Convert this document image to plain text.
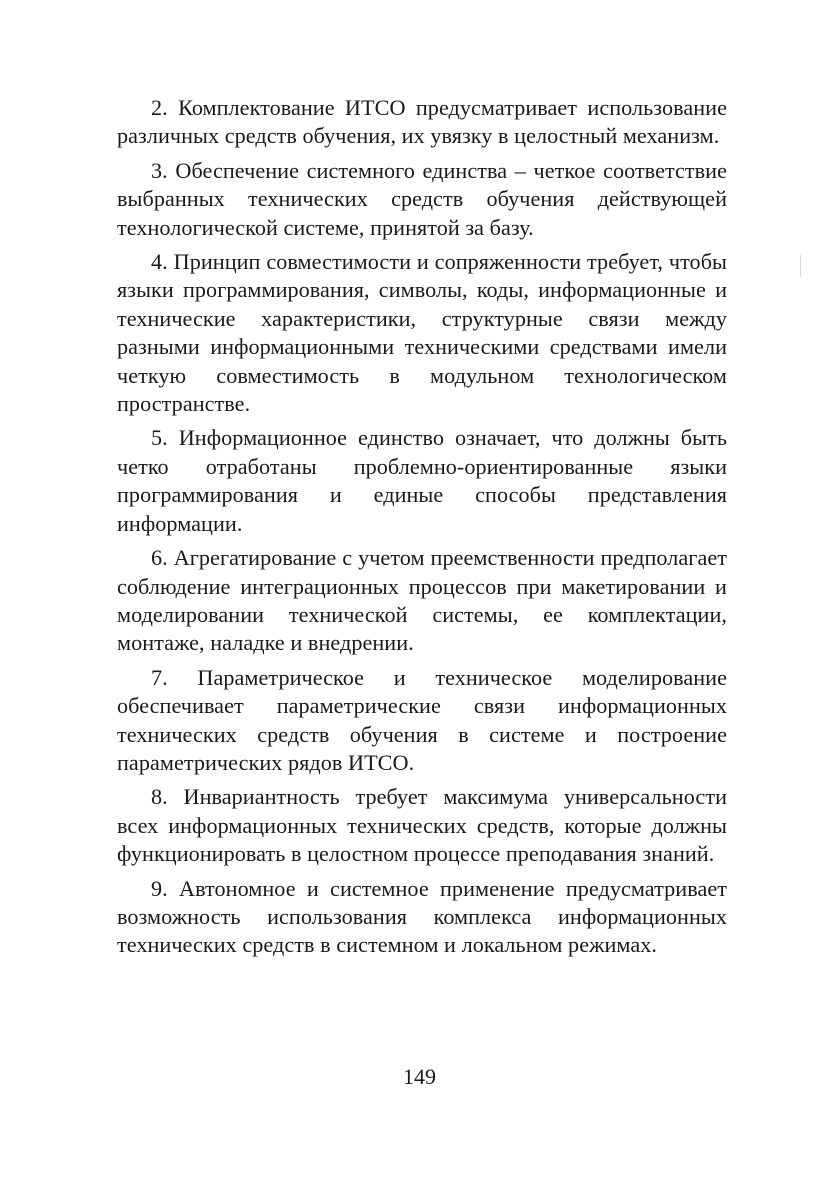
2. Комплектование ИТСО предусматривает использование различных средств обучения, их увязку в целостный механизм.

3. Обеспечение системного единства – четкое соответствие выбранных технических средств обучения действующей технологической системе, принятой за базу.

4. Принцип совместимости и сопряженности требует, чтобы языки программирования, символы, коды, информационные и технические характеристики, структурные связи между разными информационными техническими средствами имели четкую совместимость в модульном технологическом пространстве.

5. Информационное единство означает, что должны быть четко отработаны проблемно-ориентированные языки программирования и единые способы представления информации.

6. Агрегатирование с учетом преемственности предполагает соблюдение интеграционных процессов при макетировании и моделировании технической системы, ее комплектации, монтаже, наладке и внедрении.

7. Параметрическое и техническое моделирование обеспечивает параметрические связи информационных технических средств обучения в системе и построение параметрических рядов ИТСО.

8. Инвариантность требует максимума универсальности всех информационных технических средств, которые должны функционировать в целостном процессе преподавания знаний.

9. Автономное и системное применение предусматривает возможность использования комплекса информационных технических средств в системном и локальном режимах.

149
